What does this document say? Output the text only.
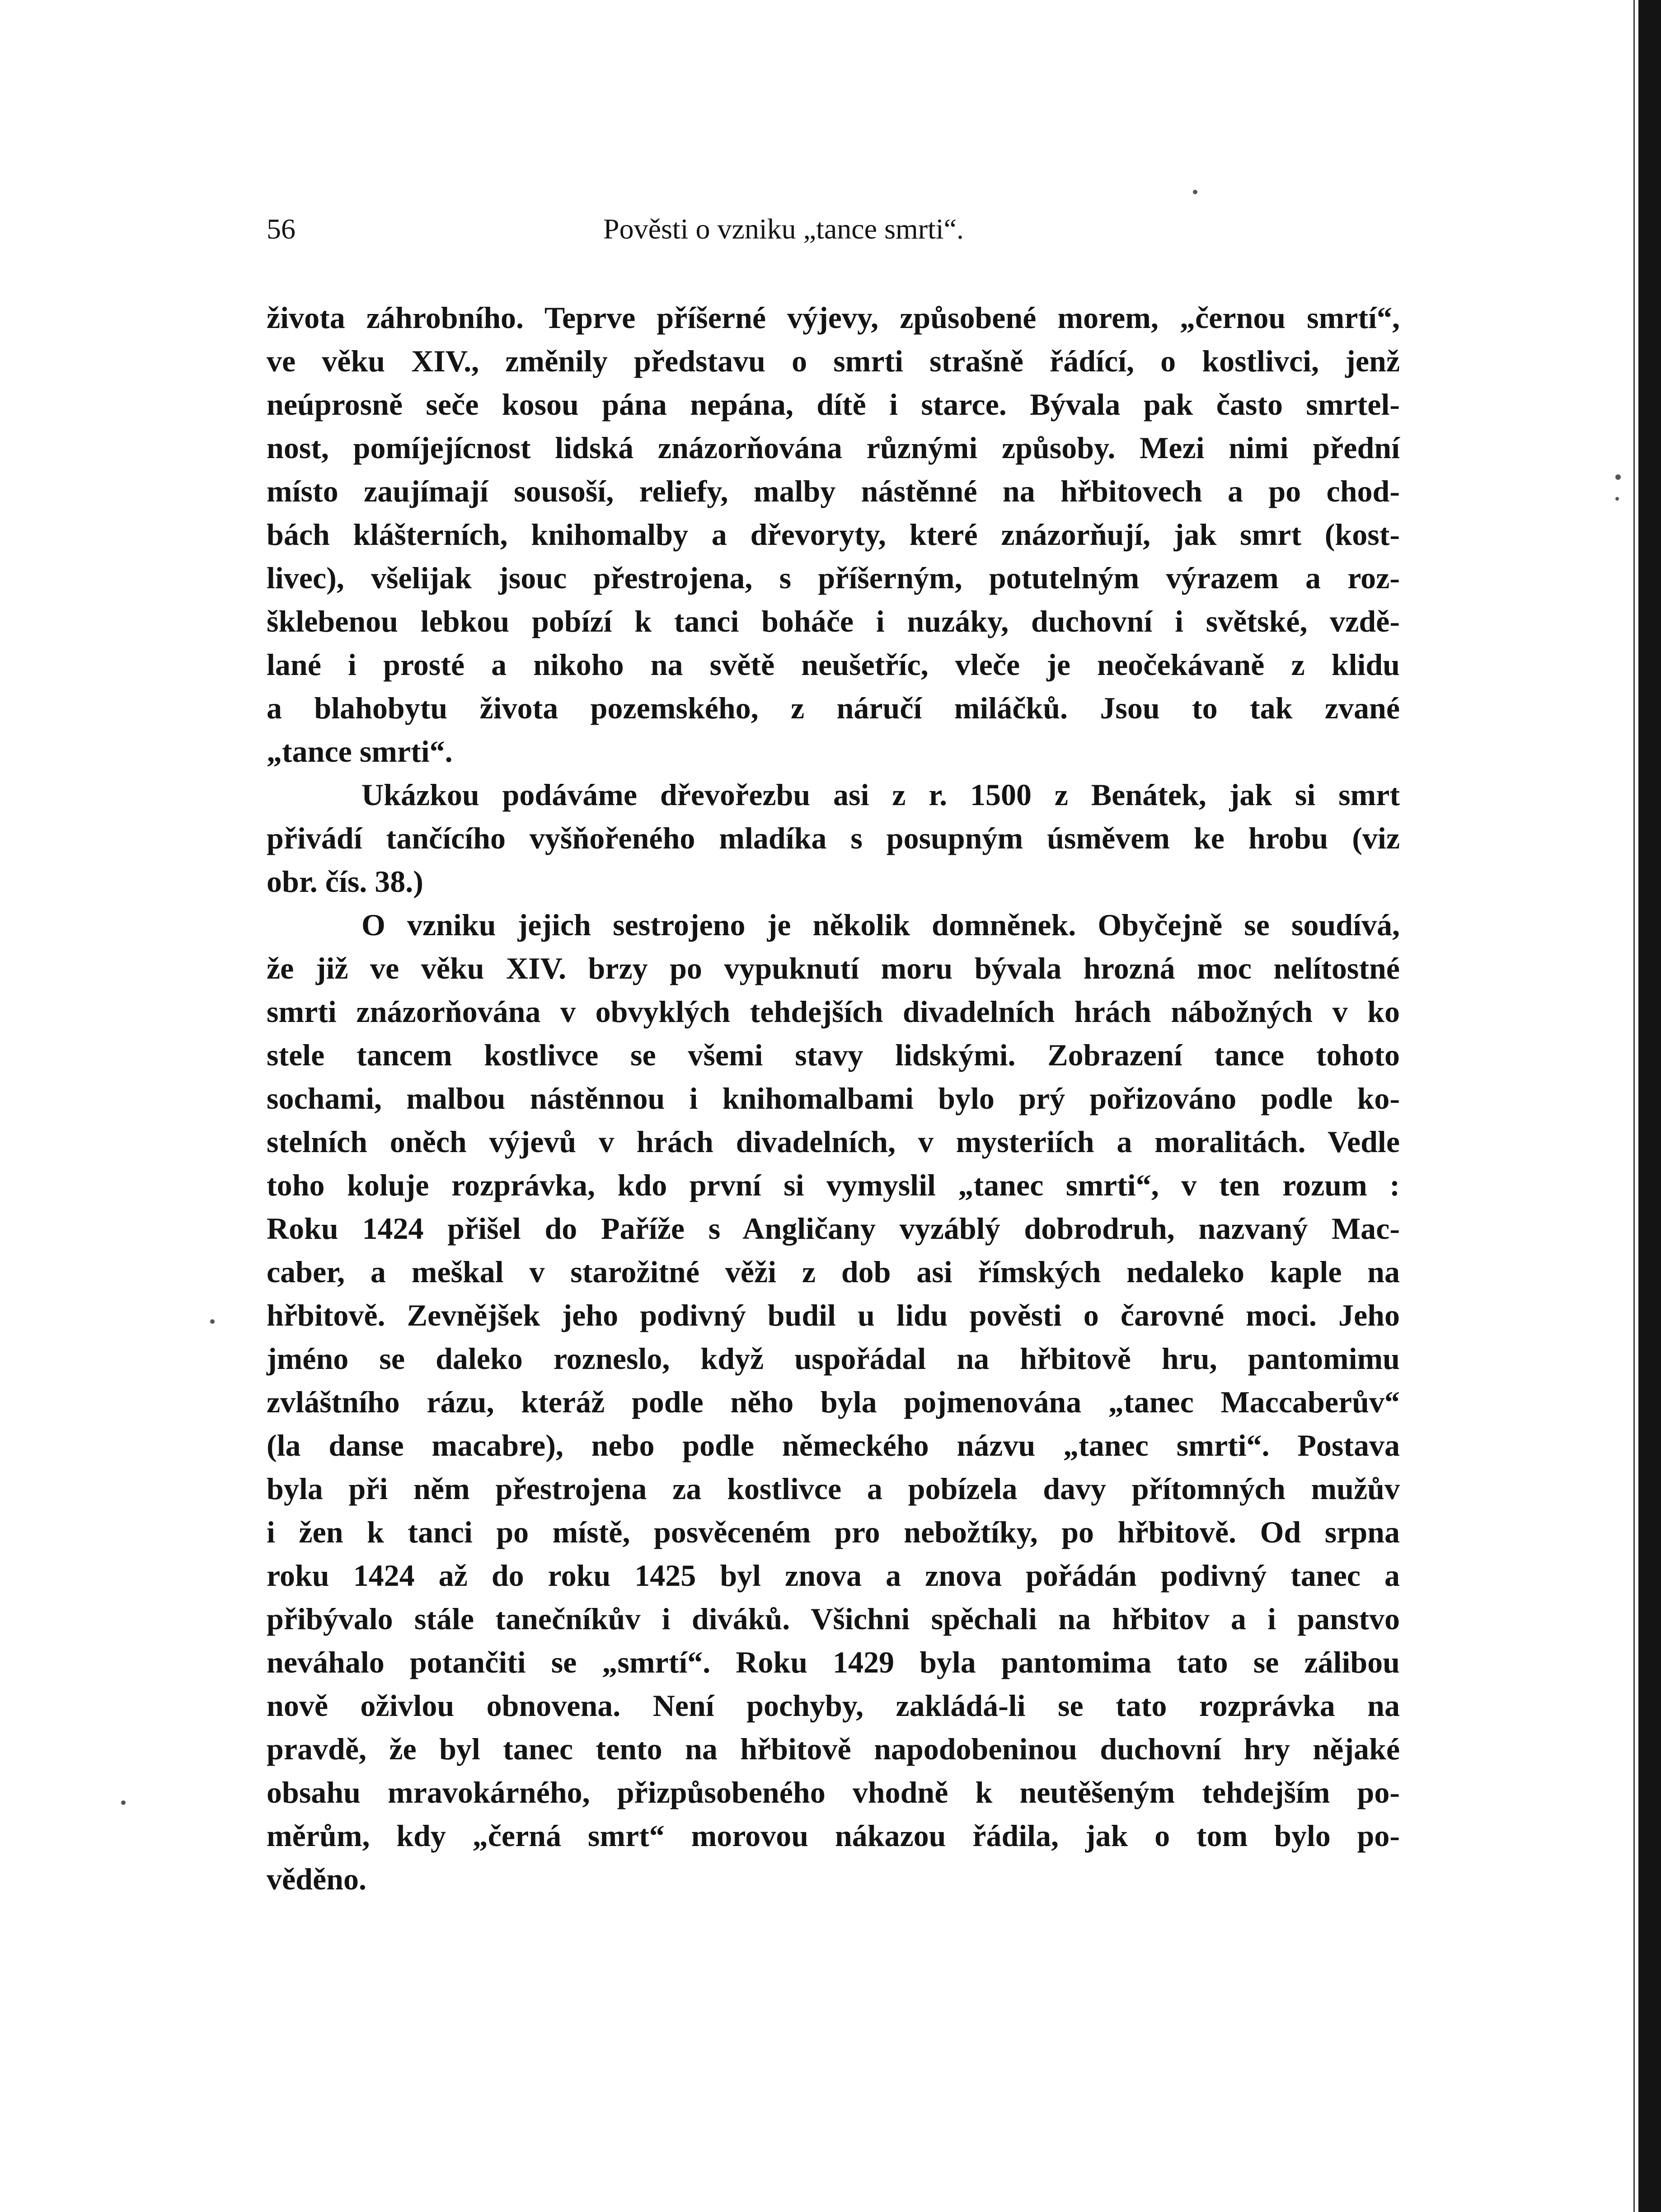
56	Pověsti o vzniku „tance smrti“.
života záhrobního. Teprve příšerné výjevy, způsobené morem, „černou smrtí“,
ve věku XIV., změnily představu o smrti strašně řádící, o kostlivci, jenž
neúprosně seče kosou pána nepána, dítě i starce. Bývala pak často smrtel-
nost, pomíjejícnost lidská znázorňována různými způsoby. Mezi nimi přední
místo zaujímají sousoší, reliefy, malby nástěnné na hřbitovech a po chod-
bách klášterních, knihomalby a dřevoryty, které znázorňují, jak smrt (kost-
livec), všelijak jsouc přestrojena, s příšerným, potutelným výrazem a roz-
šklebenou lebkou pobízí k tanci boháče i nuzáky, duchovní i světské, vzdě-
lané i prosté a nikoho na světě neušetříc, vleče je neočekávaně z klidu
a blahobytu života pozemského, z náručí miláčků. Jsou to tak zvané
„tance smrti“.
Ukázkou podáváme dřevořezbu asi z r. 1500 z Benátek, jak si smrt
přivádí tančícího vyšňořeného mladíka s posupným úsměvem ke hrobu (viz
obr. čís. 38.)
O vzniku jejich sestrojeno je několik domněnek. Obyčejně se soudívá,
že již ve věku XIV. brzy po vypuknutí moru bývala hrozná moc nelítostné
smrti znázorňována v obvyklých tehdejších divadelních hrách nábožných v ko
stele tancem kostlivce se všemi stavy lidskými. Zobrazení tance tohoto
sochami, malbou nástěnnou i knihomalbami bylo prý pořizováno podle ko-
stelních oněch výjevů v hrách divadelních, v mysteriích a moralitách. Vedle
toho koluje rozprávka, kdo první si vymyslil „tanec smrti“, v ten rozum :
Roku 1424 přišel do Paříže s Angličany vyzáblý dobrodruh, nazvaný Mac-
caber, a meškal v starožitné věži z dob asi římských nedaleko kaple na
hřbitově. Zevnějšek jeho podivný budil u lidu pověsti o čarovné moci. Jeho
jméno se daleko rozneslo, když uspořádal na hřbitově hru, pantomimu
zvláštního rázu, kteráž podle něho byla pojmenována „tanec Maccaberův“
(la danse macabre), nebo podle německého názvu „tanec smrti“. Postava
byla při něm přestrojena za kostlivce a pobízela davy přítomných mužův
i žen k tanci po místě, posvěceném pro nebožtíky, po hřbitově. Od srpna
roku 1424 až do roku 1425 byl znova a znova pořádán podivný tanec a
přibývalo stále tanečníkův i diváků. Všichni spěchali na hřbitov a i panstvo
neváhalo potančiti se „smrtí“. Roku 1429 byla pantomima tato se zálibou
nově oživlou obnovena. Není pochyby, zakládá-li se tato rozprávka na
pravdě, že byl tanec tento na hřbitově napodobeninou duchovní hry nějaké
obsahu mravokárného, přizpůsobeného vhodně k neutěšeným tehdejším po-
měrům, kdy „černá smrt“ morovou nákazou řádila, jak o tom bylo po-
věděno.
